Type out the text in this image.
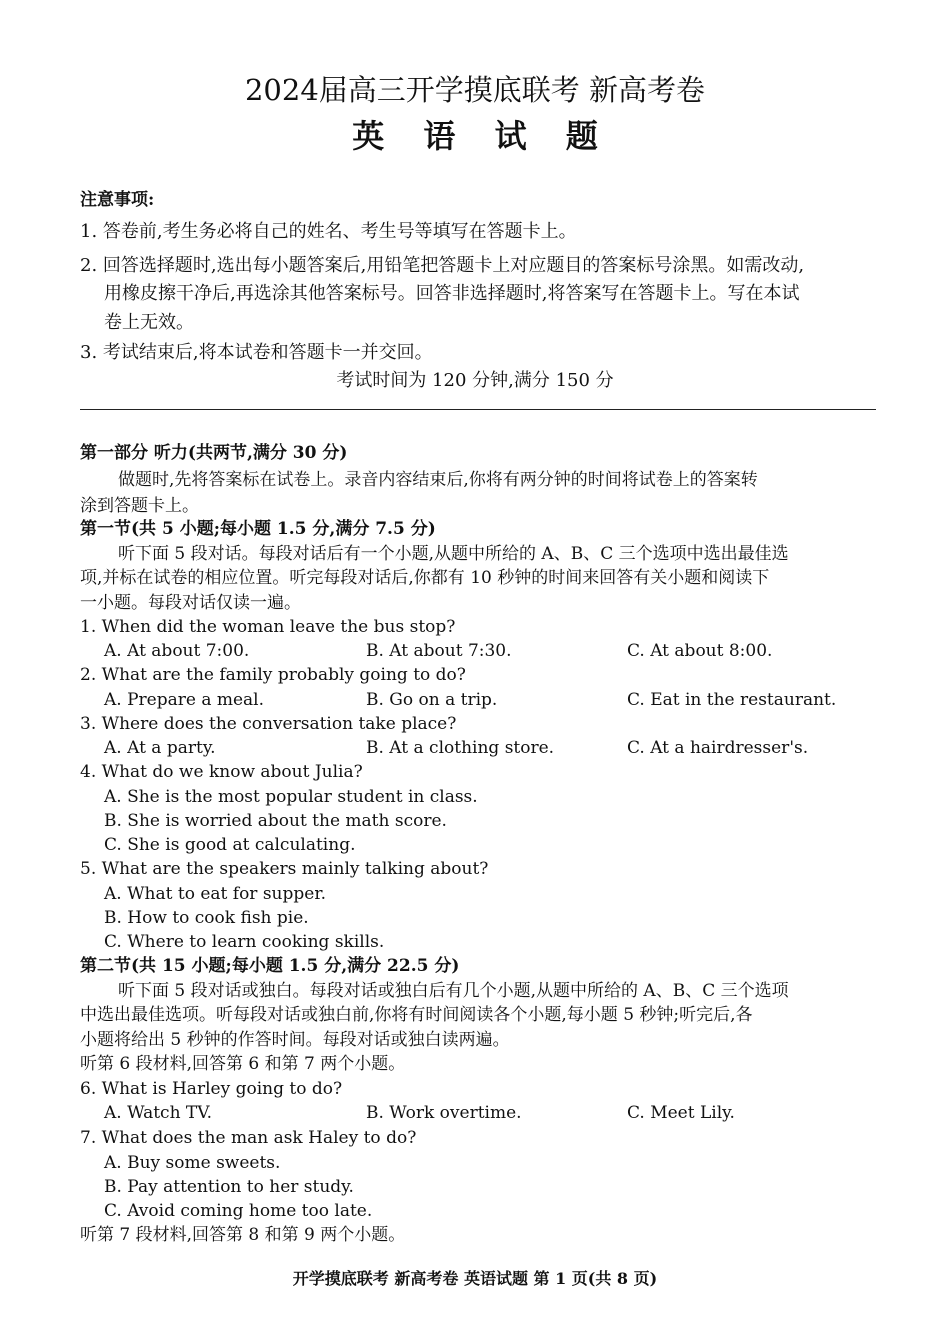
2024届高三开学摸底联考 新高考卷
英 语 试 题
注意事项:
1. 答卷前,考生务必将自己的姓名、考生号等填写在答题卡上。
2. 回答选择题时,选出每小题答案后,用铅笔把答题卡上对应题目的答案标号涂黑。如需改动,
用橡皮擦干净后,再选涂其他答案标号。回答非选择题时,将答案写在答题卡上。写在本试
卷上无效。
3. 考试结束后,将本试卷和答题卡一并交回。
考试时间为 120 分钟,满分 150 分
第一部分 听力(共两节,满分 30 分)
做题时,先将答案标在试卷上。录音内容结束后,你将有两分钟的时间将试卷上的答案转
涂到答题卡上。
第一节(共 5 小题;每小题 1.5 分,满分 7.5 分)
听下面 5 段对话。每段对话后有一个小题,从题中所给的 A、B、C 三个选项中选出最佳选
项,并标在试卷的相应位置。听完每段对话后,你都有 10 秒钟的时间来回答有关小题和阅读下
一小题。每段对话仅读一遍。
1. When did the woman leave the bus stop?
A. At about 7:00.	B. At about 7:30.	C. At about 8:00.
2. What are the family probably going to do?
A. Prepare a meal.	B. Go on a trip.	C. Eat in the restaurant.
3. Where does the conversation take place?
A. At a party.	B. At a clothing store.	C. At a hairdresser's.
4. What do we know about Julia?
A. She is the most popular student in class.
B. She is worried about the math score.
C. She is good at calculating.
5. What are the speakers mainly talking about?
A. What to eat for supper.
B. How to cook fish pie.
C. Where to learn cooking skills.
第二节(共 15 小题;每小题 1.5 分,满分 22.5 分)
听下面 5 段对话或独白。每段对话或独白后有几个小题,从题中所给的 A、B、C 三个选项
中选出最佳选项。听每段对话或独白前,你将有时间阅读各个小题,每小题 5 秒钟;听完后,各
小题将给出 5 秒钟的作答时间。每段对话或独白读两遍。
听第 6 段材料,回答第 6 和第 7 两个小题。
6. What is Harley going to do?
A. Watch TV.	B. Work overtime.	C. Meet Lily.
7. What does the man ask Haley to do?
A. Buy some sweets.
B. Pay attention to her study.
C. Avoid coming home too late.
听第 7 段材料,回答第 8 和第 9 两个小题。
开学摸底联考 新高考卷 英语试题 第 1 页(共 8 页)
